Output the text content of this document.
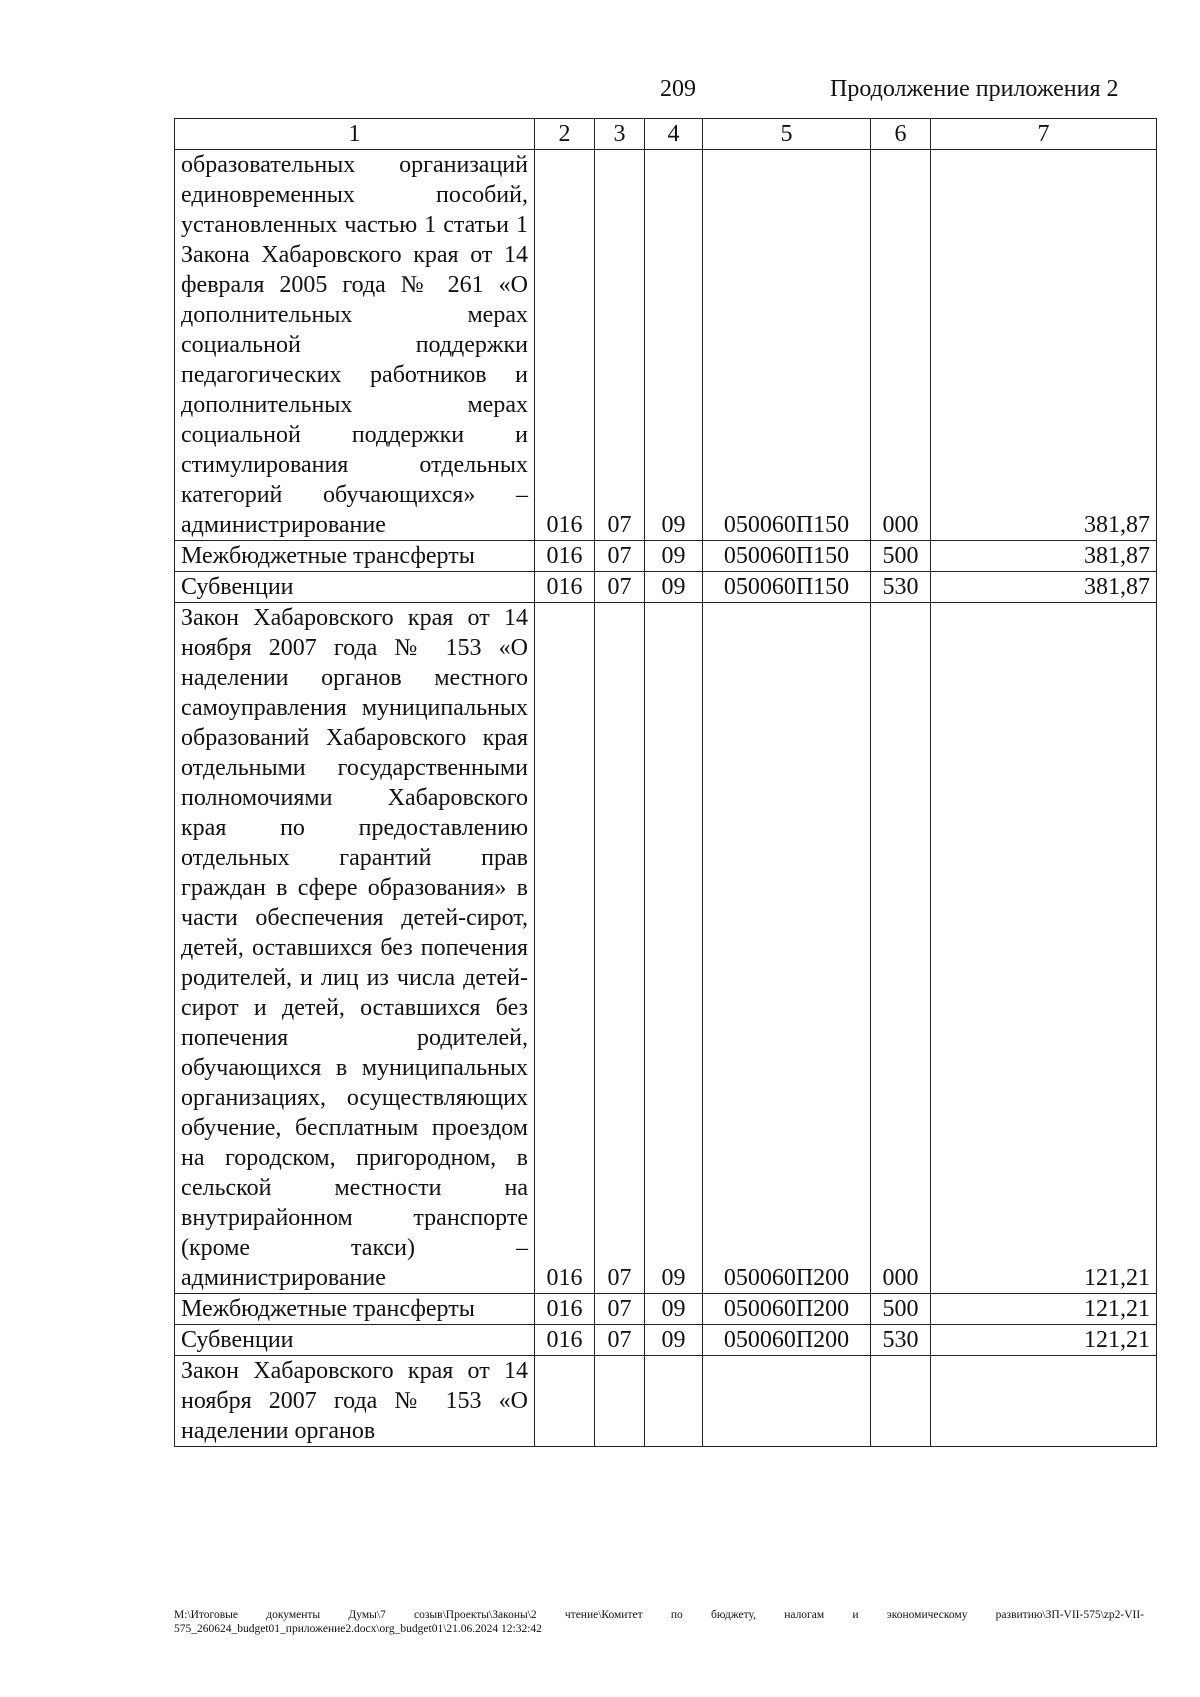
209	Продолжение приложения 2
1	2	3	4	5	6	7
образовательных организаций единовременных пособий, установленных частью 1 статьи 1 Закона Хабаровского края от 14 февраля 2005 года № 261 «О дополнительных мерах социальной поддержки педагогических работников и дополнительных мерах социальной поддержки и стимулирования отдельных категорий обучающихся» – администрирование	016	07	09	050060П150	000	381,87
Межбюджетные трансферты	016	07	09	050060П150	500	381,87
Субвенции	016	07	09	050060П150	530	381,87
Закон Хабаровского края от 14 ноября 2007 года № 153 «О наделении органов местного самоуправления муниципальных образований Хабаровского края отдельными государственными полномочиями Хабаровского края по предоставлению отдельных гарантий прав граждан в сфере образования» в части обеспечения детей-сирот, детей, оставшихся без попечения родителей, и лиц из числа детей-сирот и детей, оставшихся без попечения родителей, обучающихся в муниципальных организациях, осуществляющих обучение, бесплатным проездом на городском, пригородном, в сельской местности на внутрирайонном транспорте (кроме такси) – администрирование	016	07	09	050060П200	000	121,21
Межбюджетные трансферты	016	07	09	050060П200	500	121,21
Субвенции	016	07	09	050060П200	530	121,21
Закон Хабаровского края от 14 ноября 2007 года № 153 «О наделении органов						
M:\Итоговые документы Думы\7 созыв\Проекты\Законы\2 чтение\Комитет по бюджету, налогам и экономическому развитию\ЗП-VII-575\zp2-VII-575_260624_budget01_приложение2.docx\org_budget01\21.06.2024 12:32:42
